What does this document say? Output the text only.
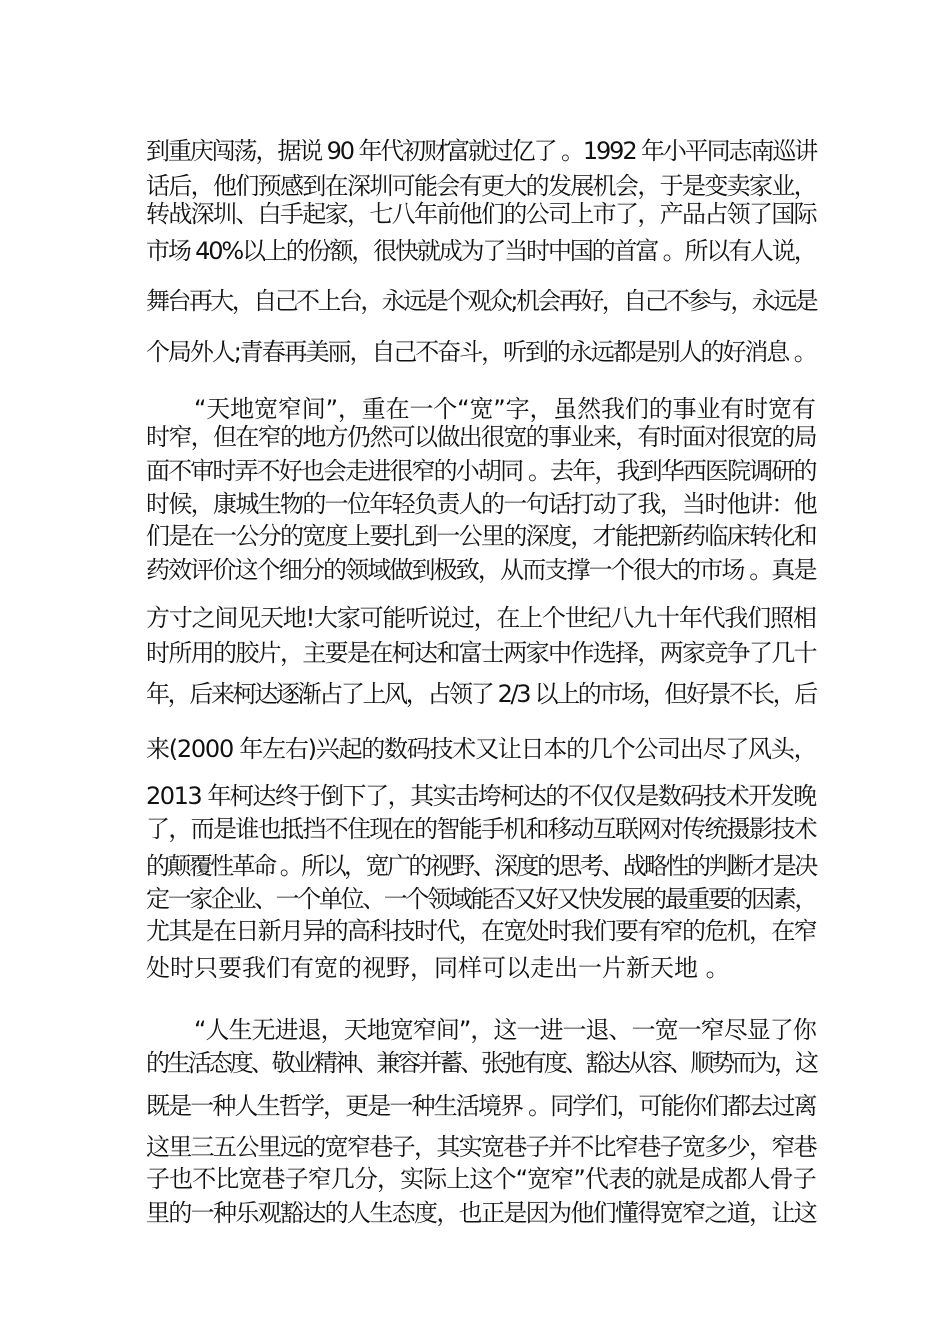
到重庆闯荡，据说 90 年代初财富就过亿了 。1992 年小平同志南巡讲
话后，他们预感到在深圳可能会有更大的发展机会，于是变卖家业，
转战深圳、白手起家，七八年前他们的公司上市了，产品占领了国际
市场 40%以上的份额，很快就成为了当时中国的首富 。所以有人说，
舞台再大，自己不上台，永远是个观众;机会再好，自己不参与，永远是
个局外人;青春再美丽，自己不奋斗，听到的永远都是别人的好消息 。
“天地宽窄间”，重在一个“宽”字，虽然我们的事业有时宽有
时窄，但在窄的地方仍然可以做出很宽的事业来，有时面对很宽的局
面不审时弄不好也会走进很窄的小胡同 。去年，我到华西医院调研的
时候，康城生物的一位年轻负责人的一句话打动了我，当时他讲：他
们是在一公分的宽度上要扎到一公里的深度，才能把新药临床转化和
药效评价这个细分的领域做到极致，从而支撑一个很大的市场 。真是
方寸之间见天地!大家可能听说过，在上个世纪八九十年代我们照相
时所用的胶片，主要是在柯达和富士两家中作选择，两家竞争了几十
年，后来柯达逐渐占了上风，占领了 2/3 以上的市场，但好景不长，后
来(2000 年左右)兴起的数码技术又让日本的几个公司出尽了风头，
2013 年柯达终于倒下了，其实击垮柯达的不仅仅是数码技术开发晚
了，而是谁也抵挡不住现在的智能手机和移动互联网对传统摄影技术
的颠覆性革命 。所以，宽广的视野、深度的思考、战略性的判断才是决
定一家企业、一个单位、一个领域能否又好又快发展的最重要的因素，
尤其是在日新月异的高科技时代，在宽处时我们要有窄的危机，在窄
处时只要我们有宽的视野，同样可以走出一片新天地 。
“人生无进退，天地宽窄间”，这一进一退、一宽一窄尽显了你
的生活态度、敬业精神、兼容并蓄、张弛有度、豁达从容、顺势而为，这
既是一种人生哲学，更是一种生活境界 。同学们，可能你们都去过离
这里三五公里远的宽窄巷子，其实宽巷子并不比窄巷子宽多少，窄巷
子也不比宽巷子窄几分，实际上这个“宽窄”代表的就是成都人骨子
里的一种乐观豁达的人生态度，也正是因为他们懂得宽窄之道，让这
